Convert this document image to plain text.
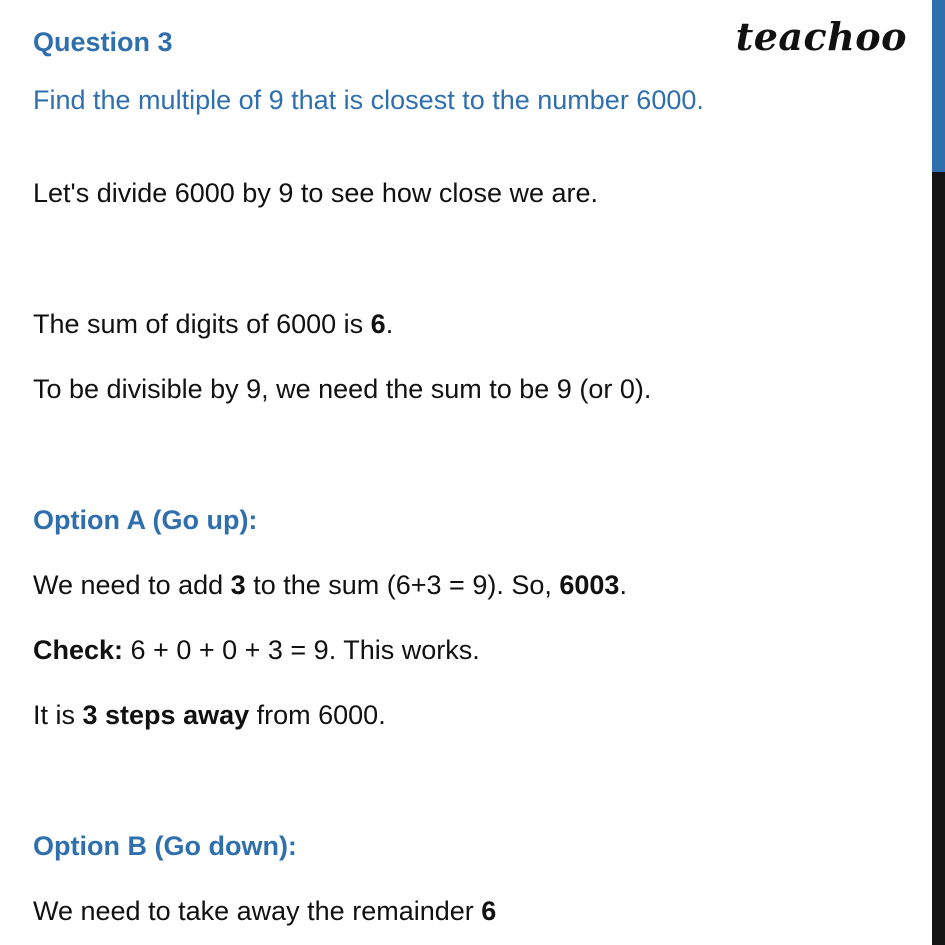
Question 3	teachoo
Find the multiple of 9 that is closest to the number 6000.
Let's divide 6000 by 9 to see how close we are.
The sum of digits of 6000 is 6.
To be divisible by 9, we need the sum to be 9 (or 0).
Option A (Go up):
We need to add 3 to the sum (6+3 = 9). So, 6003.
Check: 6 + 0 + 0 + 3 = 9. This works.
It is 3 steps away from 6000.
Option B (Go down):
We need to take away the remainder 6
